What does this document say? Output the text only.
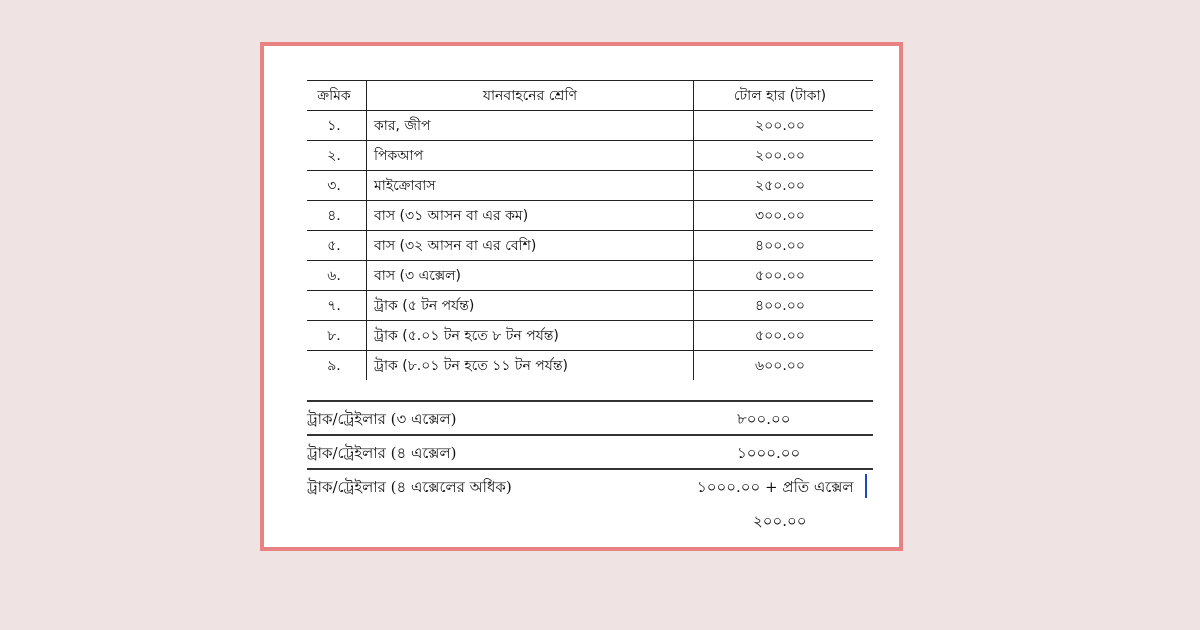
ক্রমিক	যানবাহনের শ্রেণি	টোল হার (টাকা)
১.	কার, জীপ	২০০.০০
২.	পিকআপ	২০০.০০
৩.	মাইক্রোবাস	২৫০.০০
৪.	বাস (৩১ আসন বা এর কম)	৩০০.০০
৫.	বাস (৩২ আসন বা এর বেশি)	৪০০.০০
৬.	বাস (৩ এক্সেল)	৫০০.০০
৭.	ট্রাক (৫ টন পর্যন্ত)	৪০০.০০
৮.	ট্রাক (৫.০১ টন হতে ৮ টন পর্যন্ত)	৫০০.০০
৯.	ট্রাক (৮.০১ টন হতে ১১ টন পর্যন্ত)	৬০০.০০
ট্রাক/ট্রেইলার (৩ এক্সেল)	৮০০.০০
ট্রাক/ট্রেইলার (৪ এক্সেল)	১০০০.০০
ট্রাক/ট্রেইলার (৪ এক্সেলের অধিক)	১০০০.০০ + প্রতি এক্সেল
২০০.০০
